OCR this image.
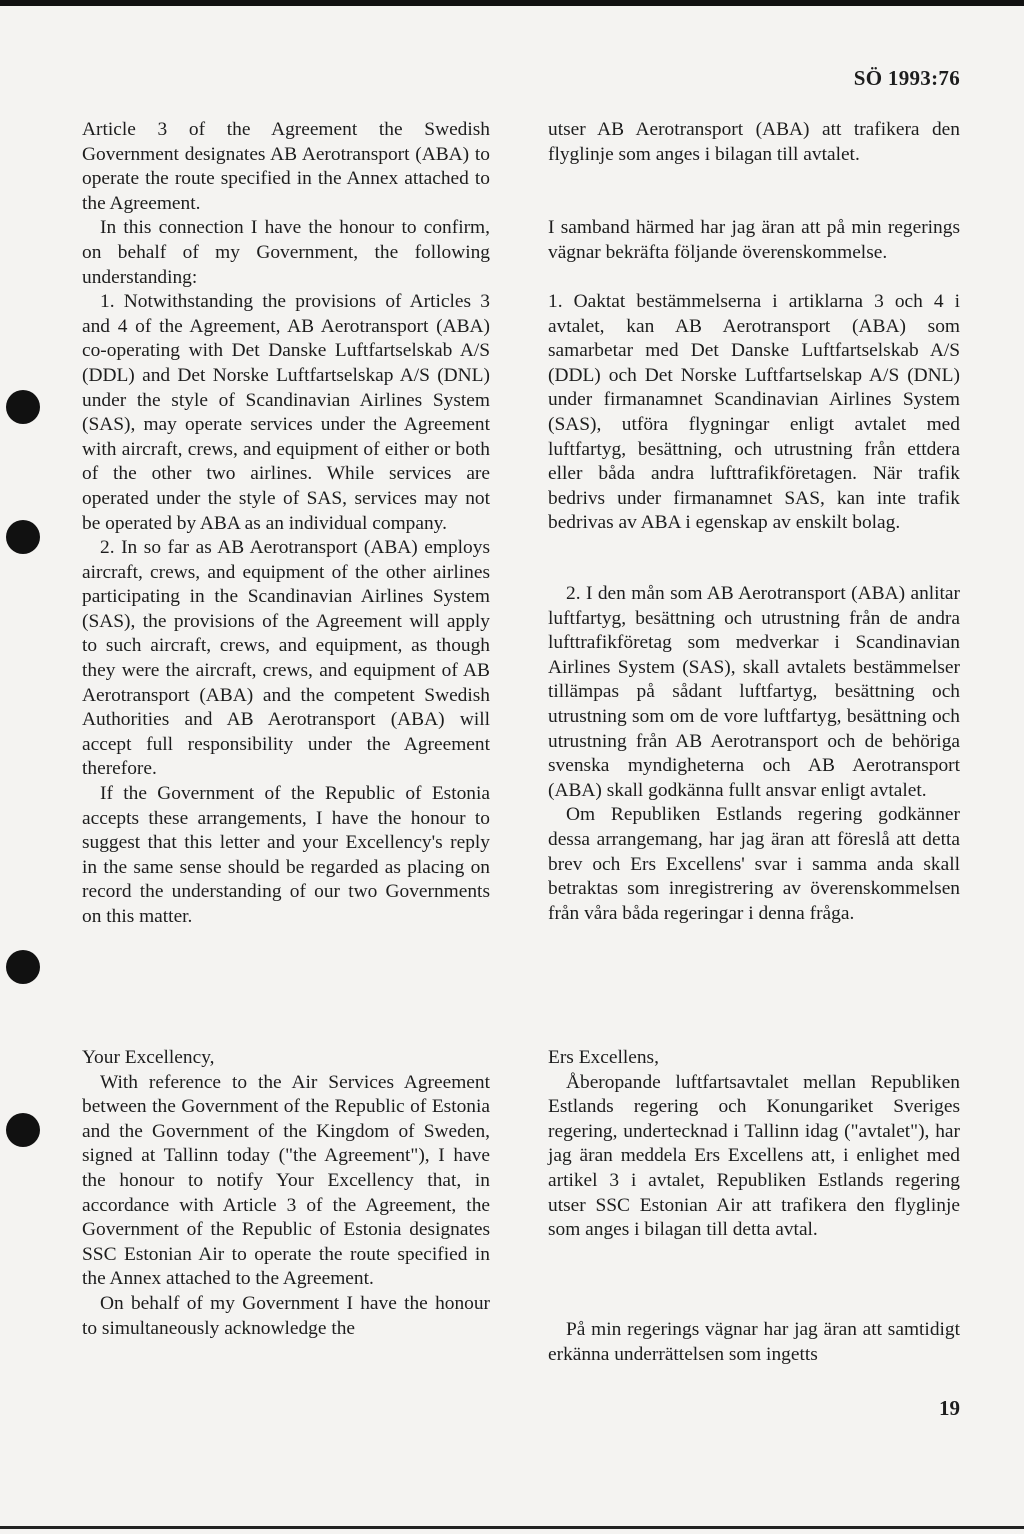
SÖ 1993:76

Article 3 of the Agreement the Swedish Government designates AB Aerotransport (ABA) to operate the route specified in the Annex attached to the Agreement.

In this connection I have the honour to confirm, on behalf of my Government, the following understanding:

1. Notwithstanding the provisions of Articles 3 and 4 of the Agreement, AB Aerotransport (ABA) co-operating with Det Danske Luftfartselskab A/S (DDL) and Det Norske Luftfartselskap A/S (DNL) under the style of Scandinavian Airlines System (SAS), may operate services under the Agreement with aircraft, crews, and equipment of either or both of the other two airlines. While services are operated under the style of SAS, services may not be operated by ABA as an individual company.

2. In so far as AB Aerotransport (ABA) employs aircraft, crews, and equipment of the other airlines participating in the Scandinavian Airlines System (SAS), the provisions of the Agreement will apply to such aircraft, crews, and equipment, as though they were the aircraft, crews, and equipment of AB Aerotransport (ABA) and the competent Swedish Authorities and AB Aerotransport (ABA) will accept full responsibility under the Agreement therefore.

If the Government of the Republic of Estonia accepts these arrangements, I have the honour to suggest that this letter and your Excellency's reply in the same sense should be regarded as placing on record the understanding of our two Governments on this matter.

Your Excellency,

With reference to the Air Services Agreement between the Government of the Republic of Estonia and the Government of the Kingdom of Sweden, signed at Tallinn today ("the Agreement"), I have the honour to notify Your Excellency that, in accordance with Article 3 of the Agreement, the Government of the Republic of Estonia designates SSC Estonian Air to operate the route specified in the Annex attached to the Agreement.

On behalf of my Government I have the honour to simultaneously acknowledge the

utser AB Aerotransport (ABA) att trafikera den flyglinje som anges i bilagan till avtalet.

I samband härmed har jag äran att på min regerings vägnar bekräfta följande överenskommelse.

1. Oaktat bestämmelserna i artiklarna 3 och 4 i avtalet, kan AB Aerotransport (ABA) som samarbetar med Det Danske Luftfartselskab A/S (DDL) och Det Norske Luftfartselskap A/S (DNL) under firmanamnet Scandinavian Airlines System (SAS), utföra flygningar enligt avtalet med luftfartyg, besättning, och utrustning från ettdera eller båda andra lufttrafikföretagen. När trafik bedrivs under firmanamnet SAS, kan inte trafik bedrivas av ABA i egenskap av enskilt bolag.

2. I den mån som AB Aerotransport (ABA) anlitar luftfartyg, besättning och utrustning från de andra lufttrafikföretag som medverkar i Scandinavian Airlines System (SAS), skall avtalets bestämmelser tillämpas på sådant luftfartyg, besättning och utrustning som om de vore luftfartyg, besättning och utrustning från AB Aerotransport och de behöriga svenska myndigheterna och AB Aerotransport (ABA) skall godkänna fullt ansvar enligt avtalet.

Om Republiken Estlands regering godkänner dessa arrangemang, har jag äran att föreslå att detta brev och Ers Excellens' svar i samma anda skall betraktas som inregistrering av överenskommelsen från våra båda regeringar i denna fråga.

Ers Excellens,

Åberopande luftfartsavtalet mellan Republiken Estlands regering och Konungariket Sveriges regering, undertecknad i Tallinn idag ("avtalet"), har jag äran meddela Ers Excellens att, i enlighet med artikel 3 i avtalet, Republiken Estlands regering utser SSC Estonian Air att trafikera den flyglinje som anges i bilagan till detta avtal.

På min regerings vägnar har jag äran att samtidigt erkänna underrättelsen som ingetts

19
